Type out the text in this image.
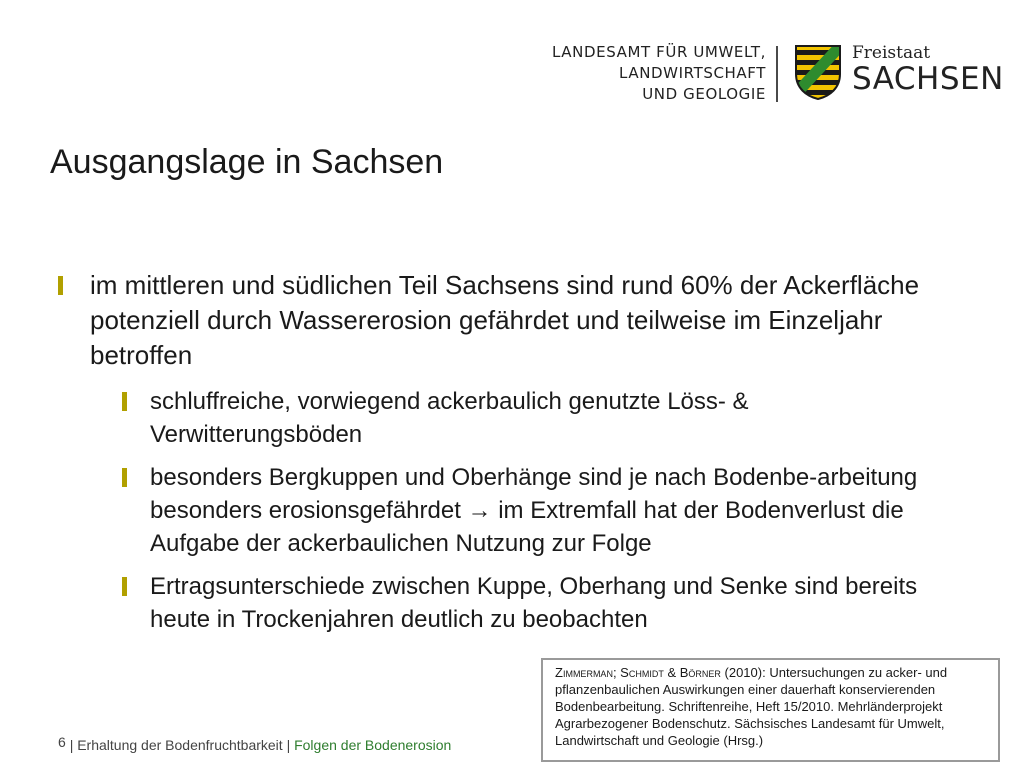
LANDESAMT FÜR UMWELT,
LANDWIRTSCHAFT
UND GEOLOGIE
Freistaat
SACHSEN
Ausgangslage in Sachsen
im mittleren und südlichen Teil Sachsens sind rund 60% der Ackerfläche potenziell durch Wassererosion gefährdet und teilweise im Einzeljahr betroffen
schluffreiche, vorwiegend ackerbaulich genutzte Löss- & Verwitterungsböden
besonders Bergkuppen und Oberhänge sind je nach Bodenbe-arbeitung besonders erosionsgefährdet → im Extremfall hat der Bodenverlust die Aufgabe der ackerbaulichen Nutzung zur Folge
Ertragsunterschiede zwischen Kuppe, Oberhang und Senke sind bereits heute in Trockenjahren deutlich zu beobachten
Zimmerman; Schmidt & Börner (2010): Untersuchungen zu acker- und pflanzenbaulichen Auswirkungen einer dauerhaft konservierenden Bodenbearbeitung. Schriftenreihe, Heft 15/2010. Mehrländerprojekt Agrarbezogener Bodenschutz. Sächsisches Landesamt für Umwelt, Landwirtschaft und Geologie (Hrsg.)
6 | Erhaltung der Bodenfruchtbarkeit | Folgen der Bodenerosion
